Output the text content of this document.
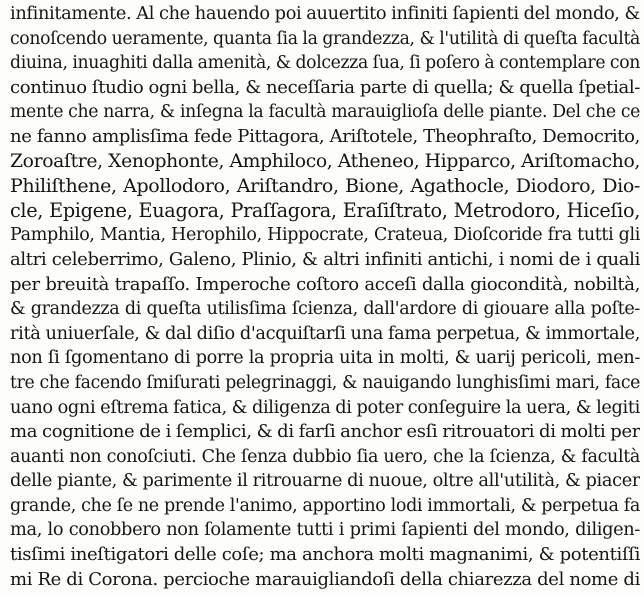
infinitamente. Al che hauendo poi auuertito infiniti ſapienti del mondo, &
conoſcendo ueramente, quanta ſia la grandezza, & l'utilità di queſta facultà
diuina, inuaghiti dalla amenità, & dolcezza ſua, ſi poſero à contemplare con
continuo ſtudio ogni bella, & neceſſaria parte di quella; & quella ſpetial-
mente che narra, & inſegna la facultà marauiglioſa delle piante. Del che ce
ne fanno amplisſima fede Pittagora, Ariſtotele, Theophraſto, Democrito,
Zoroaſtre, Xenophonte, Amphiloco, Atheneo, Hipparco, Ariſtomacho,
Philiſthene, Apollodoro, Ariſtandro, Bione, Agathocle, Diodoro, Dio-
cle, Epigene, Euagora, Praſſagora, Eraſiſtrato, Metrodoro, Hiceſio,
Pamphilo, Mantia, Herophilo, Hippocrate, Crateua, Dioſcoride fra tutti gli
altri celeberrimo, Galeno, Plinio, & altri infiniti antichi, i nomi de i quali
per breuità trapaſſo. Imperoche coſtoro acceſi dalla giocondità, nobiltà,
& grandezza di queſta utilisſima ſcienza, dall'ardore di giouare alla poſte-
rità uniuerſale, & dal diſio d'acquiſtarſi una fama perpetua, & immortale,
non ſi ſgomentano di porre la propria uita in molti, & uarij pericoli, men-
tre che facendo ſmiſurati pelegrinaggi, & nauigando lunghisſimi mari, face
uano ogni eſtrema fatica, & diligenza di poter conſeguire la uera, & legiti
ma cognitione de i ſemplici, & di farſi anchor esſi ritrouatori di molti per
auanti non conoſciuti. Che ſenza dubbio ſia uero, che la ſcienza, & facultà
delle piante, & parimente il ritrouarne di nuoue, oltre all'utilità, & piacer
grande, che ſe ne prende l'animo, apportino lodi immortali, & perpetua fa
ma, lo conobbero non ſolamente tutti i primi ſapienti del mondo, diligen-
tisſimi ineſtigatori delle coſe; ma anchora molti magnanimi, & potentiſſi
mi Re di Corona. percioche marauigliandoſi della chiarezza del nome di
